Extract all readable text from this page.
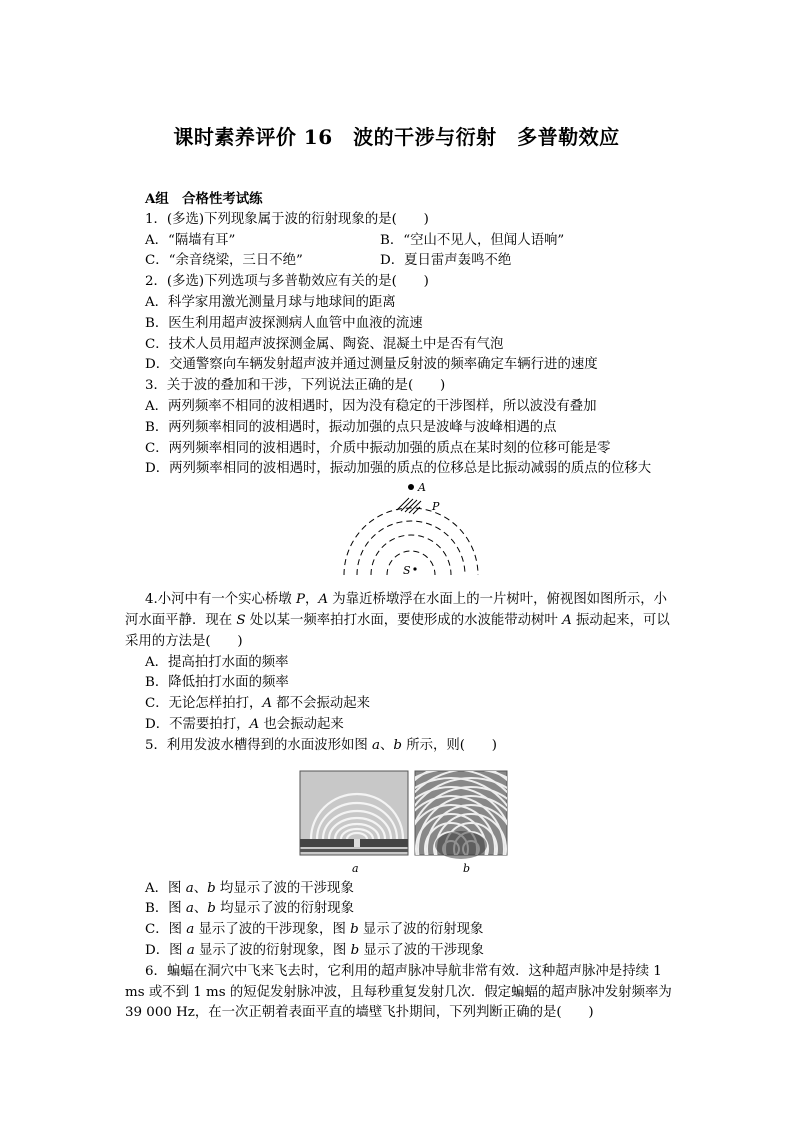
课时素养评价 16　波的干涉与衍射　多普勒效应
A组　合格性考试练
1．(多选)下列现象属于波的衍射现象的是(　　)
A．“隔墙有耳”	B．“空山不见人，但闻人语响”
C．“余音绕梁，三日不绝”	D．夏日雷声轰鸣不绝
2．(多选)下列选项与多普勒效应有关的是(　　)
A．科学家用激光测量月球与地球间的距离
B．医生利用超声波探测病人血管中血液的流速
C．技术人员用超声波探测金属、陶瓷、混凝土中是否有气泡
D．交通警察向车辆发射超声波并通过测量反射波的频率确定车辆行进的速度
3．关于波的叠加和干涉，下列说法正确的是(　　)
A．两列频率不相同的波相遇时，因为没有稳定的干涉图样，所以波没有叠加
B．两列频率相同的波相遇时，振动加强的点只是波峰与波峰相遇的点
C．两列频率相同的波相遇时，介质中振动加强的质点在某时刻的位移可能是零
D．两列频率相同的波相遇时，振动加强的质点的位移总是比振动减弱的质点的位移大
A
P
S
4.小河中有一个实心桥墩 P，A 为靠近桥墩浮在水面上的一片树叶，俯视图如图所示，小
河水面平静．现在 S 处以某一频率拍打水面，要使形成的水波能带动树叶 A 振动起来，可以
采用的方法是(　　)
A．提高拍打水面的频率
B．降低拍打水面的频率
C．无论怎样拍打，A 都不会振动起来
D．不需要拍打，A 也会振动起来
5．利用发波水槽得到的水面波形如图 a、b 所示，则(　　)
a	b
A．图 a、b 均显示了波的干涉现象
B．图 a、b 均显示了波的衍射现象
C．图 a 显示了波的干涉现象，图 b 显示了波的衍射现象
D．图 a 显示了波的衍射现象，图 b 显示了波的干涉现象
6．蝙蝠在洞穴中飞来飞去时，它利用的超声脉冲导航非常有效．这种超声脉冲是持续 1
ms 或不到 1 ms 的短促发射脉冲波，且每秒重复发射几次．假定蝙蝠的超声脉冲发射频率为
39 000 Hz，在一次正朝着表面平直的墙壁飞扑期间，下列判断正确的是(　　)
